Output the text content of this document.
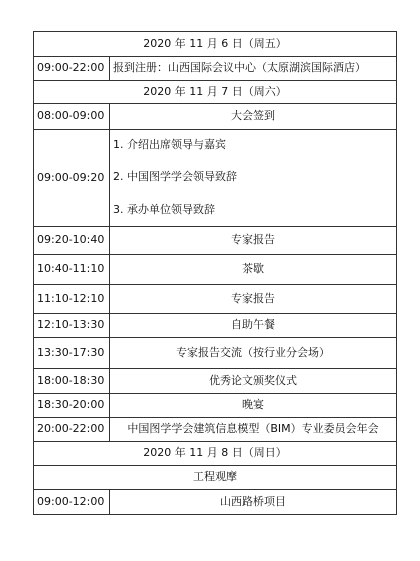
2020 年 11 月 6 日（周五）	
09:00-22:00	报到注册：山西国际会议中心（太原湖滨国际酒店）
2020 年 11 月 7 日（周六）	
08:00-09:00	大会签到
09:00-09:20	1. 介绍出席领导与嘉宾
2. 中国图学学会领导致辞
3. 承办单位领导致辞

09:20-10:40	专家报告
10:40-11:10	茶歇
11:10-12:10	专家报告
12:10-13:30	自助午餐
13:30-17:30	专家报告交流（按行业分会场）
18:00-18:30	优秀论文颁奖仪式
18:30-20:00	晚宴
20:00-22:00	中国图学学会建筑信息模型（BIM）专业委员会年会
2020 年 11 月 8 日（周日）	
工程观摩	
09:00-12:00	山西路桥项目
